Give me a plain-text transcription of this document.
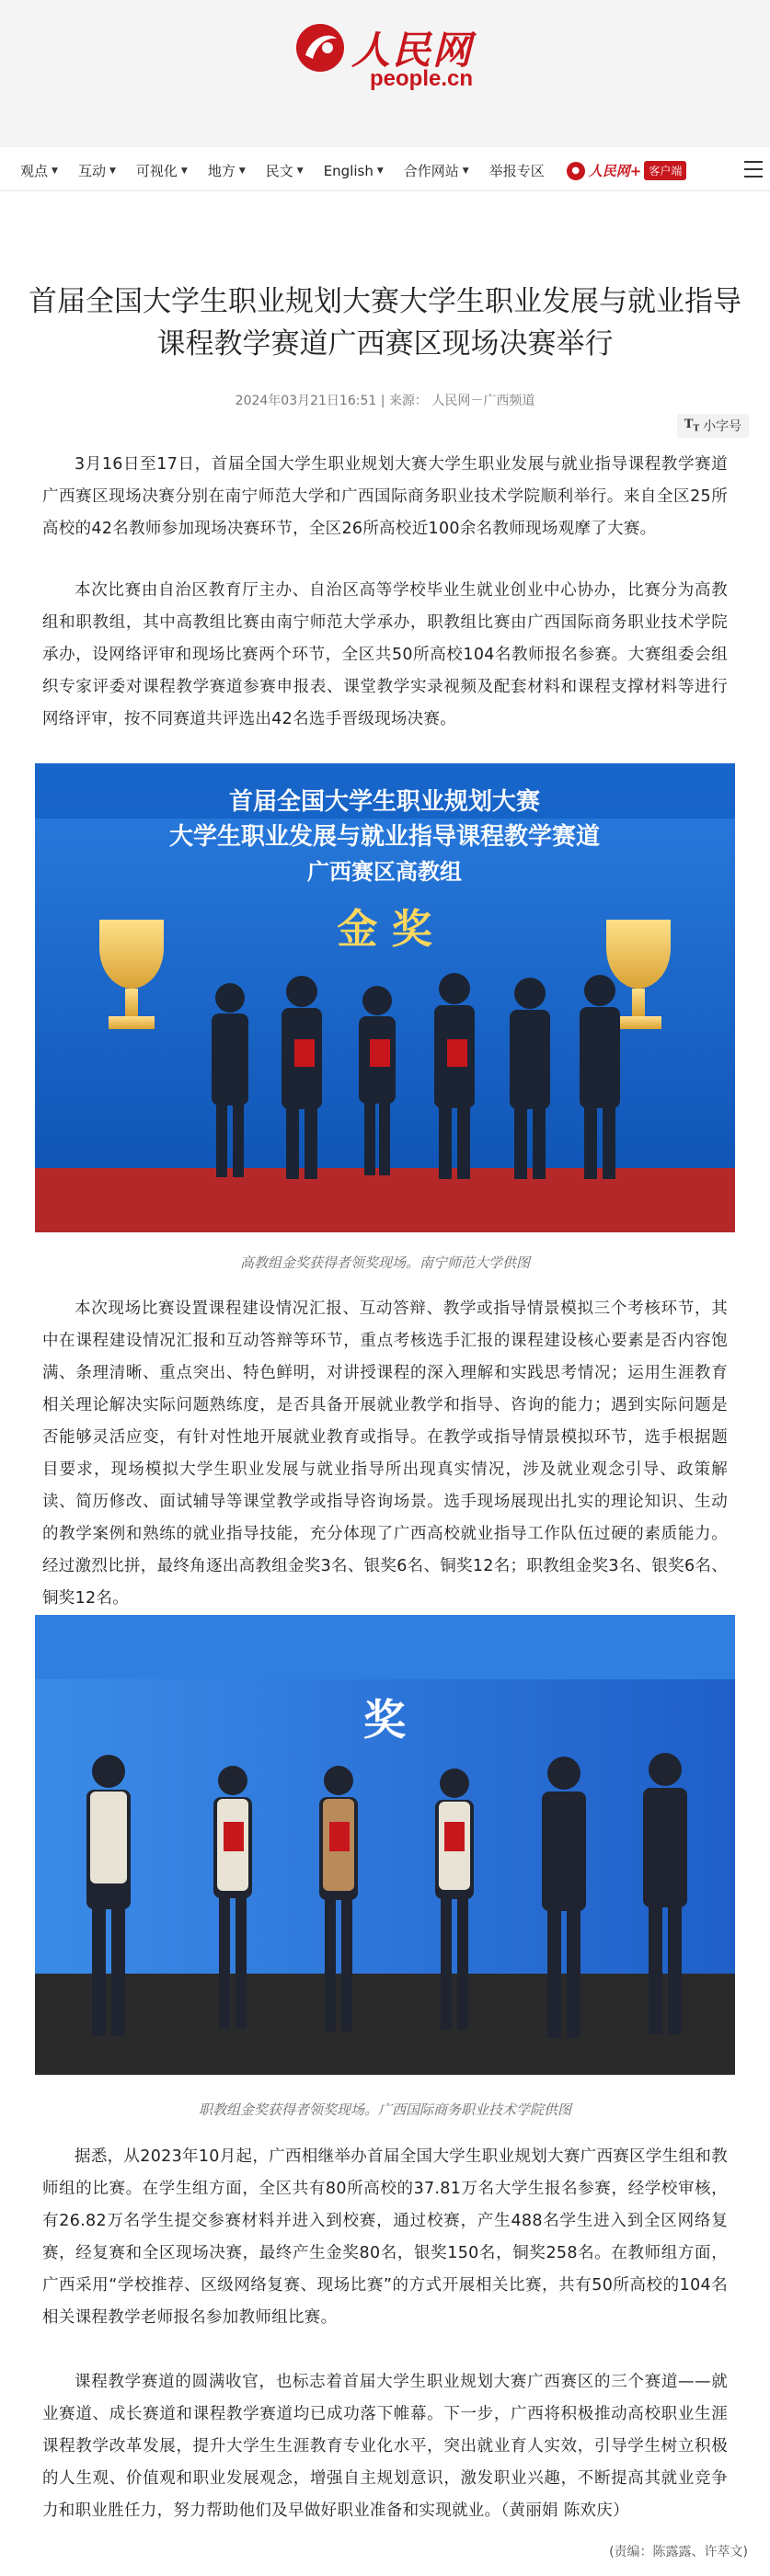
人民网
people.cn
观点 ▼ 互动 ▼ 可视化 ▼ 地方 ▼ 民文 ▼ English ▼ 合作网站 ▼ 举报专区	● 人民网+ 客户端
首届全国大学生职业规划大赛大学生职业发展与就业指导课程教学赛道广西赛区现场决赛举行
2024年03月21日16:51 | 来源： 人民网－广西频道
$T_T$ 小字号

3月16日至17日，首届全国大学生职业规划大赛大学生职业发展与就业指导课程教学赛道广西赛区现场决赛分别在南宁师范大学和广西国际商务职业技术学院顺利举行。来自全区25所高校的42名教师参加现场决赛环节，全区26所高校近100余名教师现场观摩了大赛。

本次比赛由自治区教育厅主办、自治区高等学校毕业生就业创业中心协办，比赛分为高教组和职教组，其中高教组比赛由南宁师范大学承办，职教组比赛由广西国际商务职业技术学院承办，设网络评审和现场比赛两个环节，全区共50所高校104名教师报名参赛。大赛组委会组织专家评委对课程教学赛道参赛申报表、课堂教学实录视频及配套材料和课程支撑材料等进行网络评审，按不同赛道共评选出42名选手晋级现场决赛。

首届全国大学生职业规划大赛
大学生职业发展与就业指导课程教学赛道
广西赛区高教组
金 奖
高教组金奖获得者领奖现场。南宁师范大学供图

本次现场比赛设置课程建设情况汇报、互动答辩、教学或指导情景模拟三个考核环节，其中在课程建设情况汇报和互动答辩等环节，重点考核选手汇报的课程建设核心要素是否内容饱满、条理清晰、重点突出、特色鲜明，对讲授课程的深入理解和实践思考情况；运用生涯教育相关理论解决实际问题熟练度，是否具备开展就业教学和指导、咨询的能力；遇到实际问题是否能够灵活应变，有针对性地开展就业教育或指导。在教学或指导情景模拟环节，选手根据题目要求，现场模拟大学生职业发展与就业指导所出现真实情况，涉及就业观念引导、政策解读、简历修改、面试辅导等课堂教学或指导咨询场景。选手现场展现出扎实的理论知识、生动的教学案例和熟练的就业指导技能，充分体现了广西高校就业指导工作队伍过硬的素质能力。经过激烈比拼，最终角逐出高教组金奖3名、银奖6名、铜奖12名；职教组金奖3名、银奖6名、铜奖12名。

奖
职教组金奖获得者领奖现场。广西国际商务职业技术学院供图

据悉，从2023年10月起，广西相继举办首届全国大学生职业规划大赛广西赛区学生组和教师组的比赛。在学生组方面，全区共有80所高校的37.81万名大学生报名参赛，经学校审核，有26.82万名学生提交参赛材料并进入到校赛，通过校赛，产生488名学生进入到全区网络复赛，经复赛和全区现场决赛，最终产生金奖80名，银奖150名，铜奖258名。在教师组方面，广西采用“学校推荐、区级网络复赛、现场比赛”的方式开展相关比赛，共有50所高校的104名相关课程教学老师报名参加教师组比赛。

课程教学赛道的圆满收官，也标志着首届大学生职业规划大赛广西赛区的三个赛道——就业赛道、成长赛道和课程教学赛道均已成功落下帷幕。下一步，广西将积极推动高校职业生涯课程教学改革发展，提升大学生生涯教育专业化水平，突出就业育人实效，引导学生树立积极的人生观、价值观和职业发展观念，增强自主规划意识，激发职业兴趣，不断提高其就业竞争力和职业胜任力，努力帮助他们及早做好职业准备和实现就业。（黄丽娟 陈欢庆）

(责编：陈露露、许萃文)
